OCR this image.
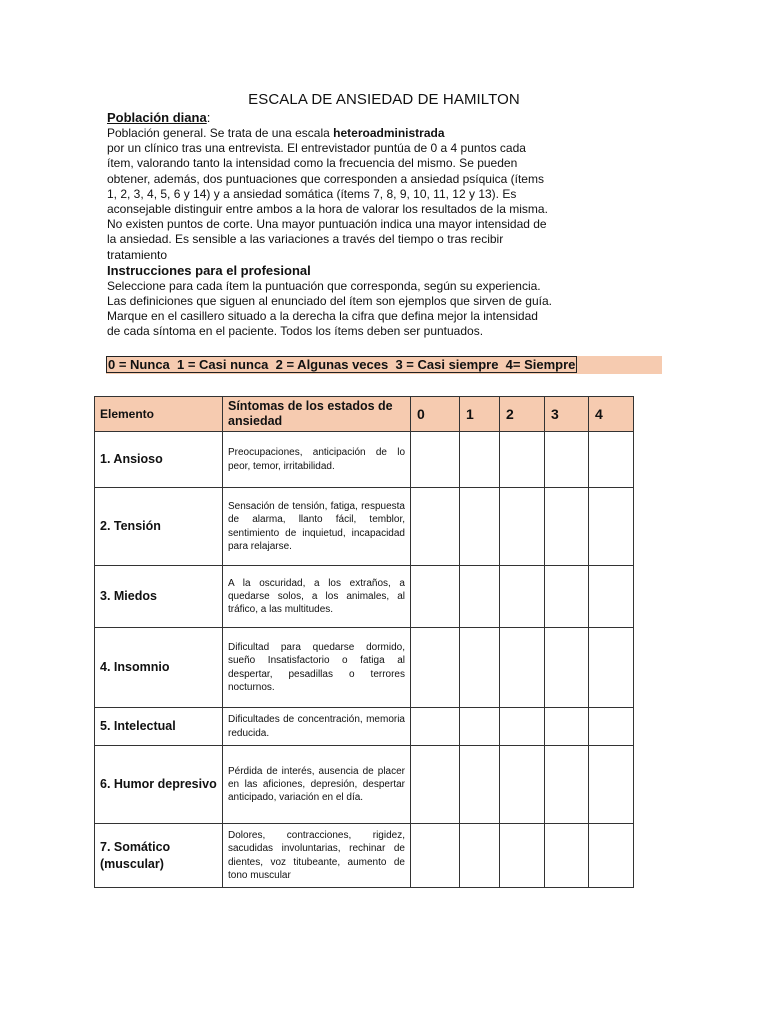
ESCALA DE ANSIEDAD DE HAMILTON
Población diana:

Población general. Se trata de una escala heteroadministrada

por un clínico tras una entrevista. El entrevistador puntúa de 0 a 4 puntos cada

ítem, valorando tanto la intensidad como la frecuencia del mismo. Se pueden

obtener, además, dos puntuaciones que corresponden a ansiedad psíquica (ítems

1, 2, 3, 4, 5, 6 y 14) y a ansiedad somática (ítems 7, 8, 9, 10, 11, 12 y 13). Es

aconsejable distinguir entre ambos a la hora de valorar los resultados de la misma.

No existen puntos de corte. Una mayor puntuación indica una mayor intensidad de

la ansiedad. Es sensible a las variaciones a través del tiempo o tras recibir

tratamiento

Instrucciones para el profesional

Seleccione para cada ítem la puntuación que corresponda, según su experiencia.

Las definiciones que siguen al enunciado del ítem son ejemplos que sirven de guía.

Marque en el casillero situado a la derecha la cifra que defina mejor la intensidad

de cada síntoma en el paciente. Todos los ítems deben ser puntuados.

0 = Nunca  1 = Casi nunca  2 = Algunas veces  3 = Casi siempre  4= Siempre
Elemento	Síntomas de los estados de ansiedad	0	1	2	3	4
1. Ansioso	Preocupaciones, anticipación de lo peor, temor, irritabilidad.					
2. Tensión	Sensación de tensión, fatiga, respuesta de alarma, llanto fácil, temblor, sentimiento de inquietud, incapacidad para relajarse.					
3. Miedos	A la oscuridad, a los extraños, a quedarse solos, a los animales, al tráfico, a las multitudes.					
4. Insomnio	Dificultad para quedarse dormido, sueño Insatisfactorio o fatiga al despertar, pesadillas o terrores nocturnos.					
5. Intelectual	Dificultades de concentración, memoria reducida.					
6. Humor depresivo	Pérdida de interés, ausencia de placer en las aficiones, depresión, despertar anticipado, variación en el día.					
7. Somático (muscular)	Dolores, contracciones, rigidez, sacudidas involuntarias, rechinar de dientes, voz titubeante, aumento de tono muscular					
